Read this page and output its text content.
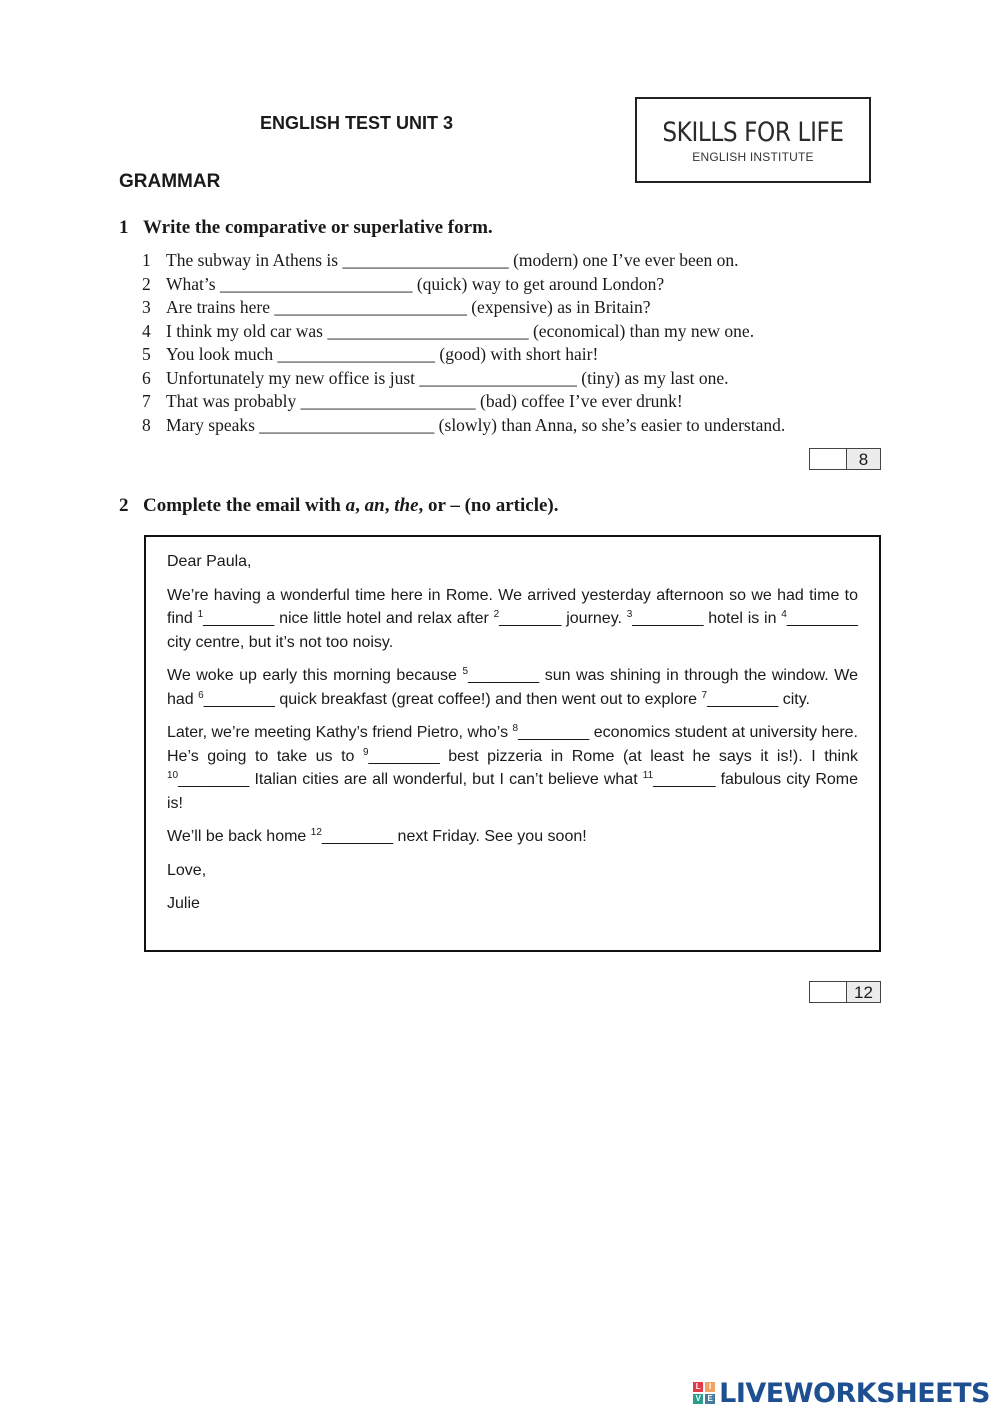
ENGLISH TEST UNIT 3	SKILLS FOR LIFE
ENGLISH INSTITUTE
GRAMMAR
1 Write the comparative or superlative form.
1 The subway in Athens is ___________________ (modern) one I’ve ever been on.
2 What’s ______________________ (quick) way to get around London?
3 Are trains here ______________________ (expensive) as in Britain?
4 I think my old car was _______________________ (economical) than my new one.
5 You look much __________________ (good) with short hair!
6 Unfortunately my new office is just __________________ (tiny) as my last one.
7 That was probably ____________________ (bad) coffee I’ve ever drunk!
8 Mary speaks ____________________ (slowly) than Anna, so she’s easier to understand.
8
2 Complete the email with a, an, the, or – (no article).

Dear Paula,

We’re having a wonderful time here in Rome. We arrived yesterday afternoon so we had time to find $^1$________ nice little hotel and relax after $^2$_______ journey. $^3$________ hotel is in $^4$________ city centre, but it’s not too noisy.

We woke up early this morning because $^5$________ sun was shining in through the window. We had $^6$________ quick breakfast (great coffee!) and then went out to explore $^7$________ city.

Later, we’re meeting Kathy’s friend Pietro, who’s $^8$________ economics student at university here. He’s going to take us to $^9$________ best pizzeria in Rome (at least he says it is!). I think $^{10}$________ Italian cities are all wonderful, but I can’t believe what $^{11}$_______ fabulous city Rome is!

We’ll be back home $^{12}$________ next Friday. See you soon!

Love,

Julie

12
L	I
V E LIVEWORKSHEETS
